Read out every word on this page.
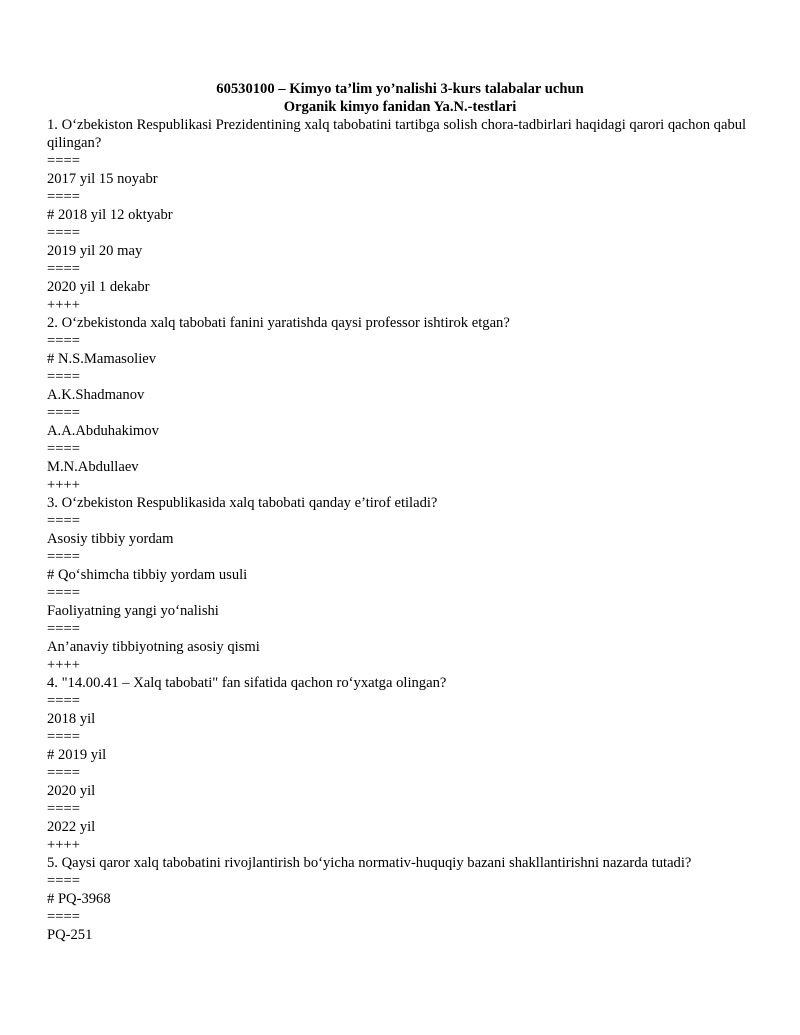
60530100 – Kimyo ta’lim yo’nalishi 3-kurs talabalar uchun
Organik kimyo fanidan Ya.N.-testlari
1. O‘zbekiston Respublikasi Prezidentining xalq tabobatini tartibga solish chora-tadbirlari haqidagi qarori qachon qabul qilingan?
====
2017 yil 15 noyabr
====
# 2018 yil 12 oktyabr
====
2019 yil 20 may
====
2020 yil 1 dekabr
++++
2. O‘zbekistonda xalq tabobati fanini yaratishda qaysi professor ishtirok etgan?
====
# N.S.Mamasoliev
====
A.K.Shadmanov
====
A.A.Abduhakimov
====
M.N.Abdullaev
++++
3. O‘zbekiston Respublikasida xalq tabobati qanday e’tirof etiladi?
====
Asosiy tibbiy yordam
====
# Qo‘shimcha tibbiy yordam usuli
====
Faoliyatning yangi yo‘nalishi
====
An’anaviy tibbiyotning asosiy qismi
++++
4. "14.00.41 – Xalq tabobati" fan sifatida qachon ro‘yxatga olingan?
====
2018 yil
====
# 2019 yil
====
2020 yil
====
2022 yil
++++
5. Qaysi qaror xalq tabobatini rivojlantirish bo‘yicha normativ-huquqiy bazani shakllantirishni nazarda tutadi?
====
# PQ-3968
====
PQ-251
